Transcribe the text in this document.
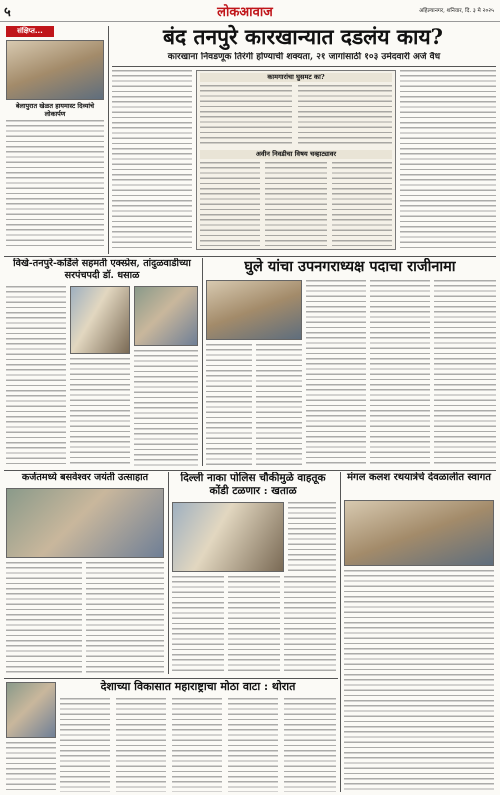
५	लोकआवाज	अहिल्यानगर, शनिवार, दि. ३ मे २०२५
संक्षिप्त...
बेलापुरात खेळत हायमास्ट दिव्यांचे लोकार्पण
बंद तनपुरे कारखान्यात दडलंय काय?
कारखाना निवडणूक तिरंगी होण्याची शक्यता, २१ जागांसाठी १०३ उमेदवारी अर्ज वैध
कामगारांचा घुसमट का?
अवीन निवडीचा विषय चव्हाट्यावर
विखे-तनपुरे-कर्डिले सहमती एक्स्प्रेस, तांदुळवाडीच्या सरपंचपदी डॉ. धसाळ
घुले यांचा उपनगराध्यक्ष पदाचा राजीनामा
कर्जतमध्ये बसवेश्वर जयंती उत्साहात	दिल्ली नाका पोलिस चौकीमुळे वाहतूक कोंडी टळणार : खताळ
मंगल कलश रथयात्रेचे देवळालीत स्वागत
देशाच्या विकासात महाराष्ट्राचा मोठा वाटा : थोरात
